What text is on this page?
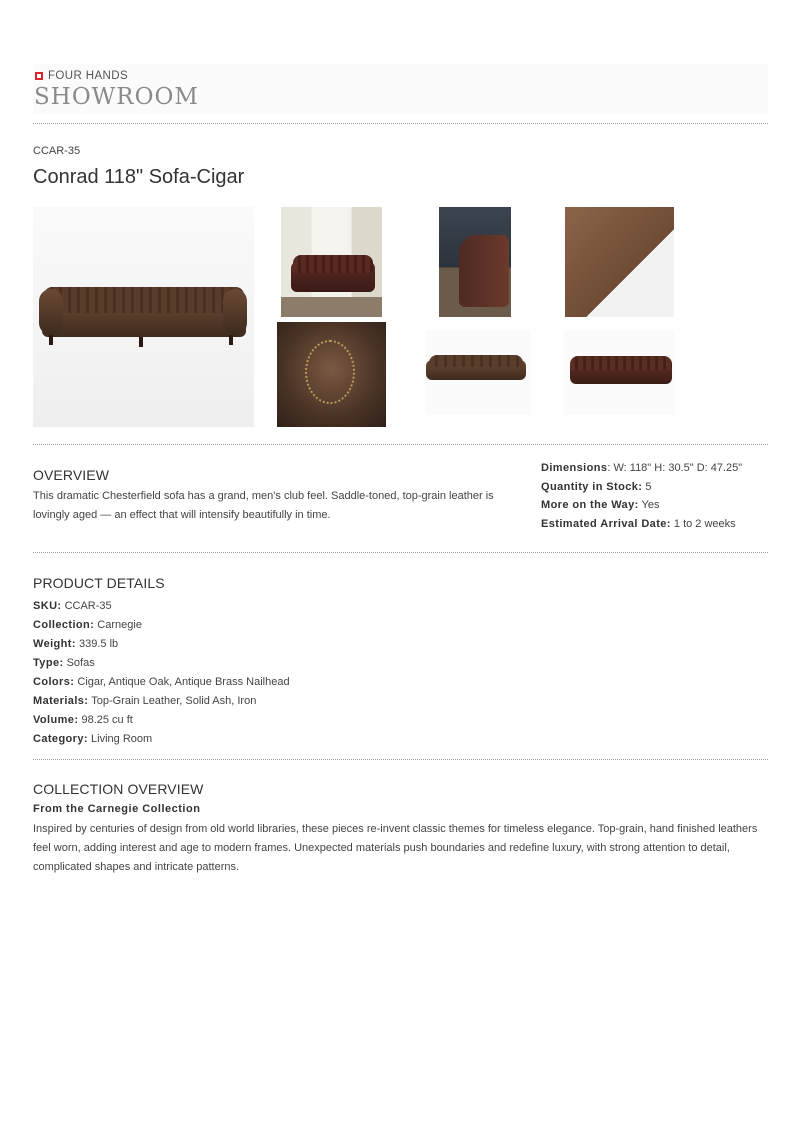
FOUR HANDS
SHOWROOM
CCAR-35
Conrad 118" Sofa-Cigar
OVERVIEW
This dramatic Chesterfield sofa has a grand, men's club feel. Saddle-toned, top-grain leather is lovingly aged — an effect that will intensify beautifully in time.
Dimensions: W: 118" H: 30.5" D: 47.25"
Quantity in Stock: 5
More on the Way: Yes
Estimated Arrival Date: 1 to 2 weeks
PRODUCT DETAILS
SKU: CCAR-35
Collection: Carnegie
Weight: 339.5 lb
Type: Sofas
Colors: Cigar, Antique Oak, Antique Brass Nailhead
Materials: Top-Grain Leather, Solid Ash, Iron
Volume: 98.25 cu ft
Category: Living Room
COLLECTION OVERVIEW
From the Carnegie Collection
Inspired by centuries of design from old world libraries, these pieces re-invent classic themes for timeless elegance. Top-grain, hand finished leathers feel worn, adding interest and age to modern frames. Unexpected materials push boundaries and redefine luxury, with strong attention to detail, complicated shapes and intricate patterns.
